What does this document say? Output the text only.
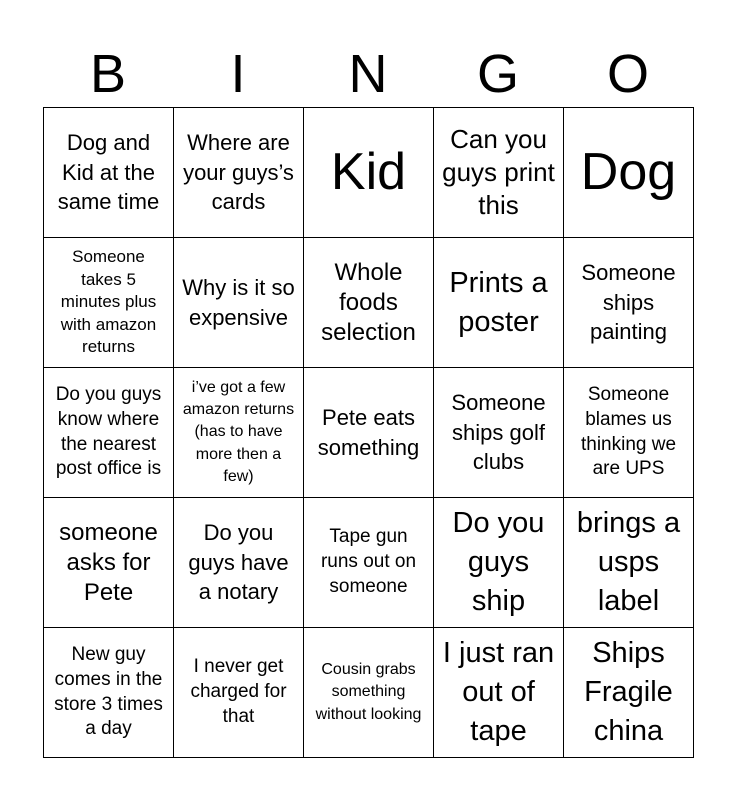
B	I	N	G	O
Dog and Kid at the same time
Where are your guys’s cards
Kid
Can you guys print this
Dog
Someone takes 5 minutes plus with amazon returns
Why is it so expensive
Whole foods selection
Prints a poster
Someone ships painting
Do you guys know where the nearest post office is
i’ve got a few amazon returns (has to have more then a few)
Pete eats something
Someone ships golf clubs
Someone blames us thinking we are UPS
someone asks for Pete
Do you guys have a notary
Tape gun runs out on someone
Do you guys ship
brings a usps label
New guy comes in the store 3 times a day
I never get charged for that
Cousin grabs something without looking
I just ran out of tape
Ships Fragile china
